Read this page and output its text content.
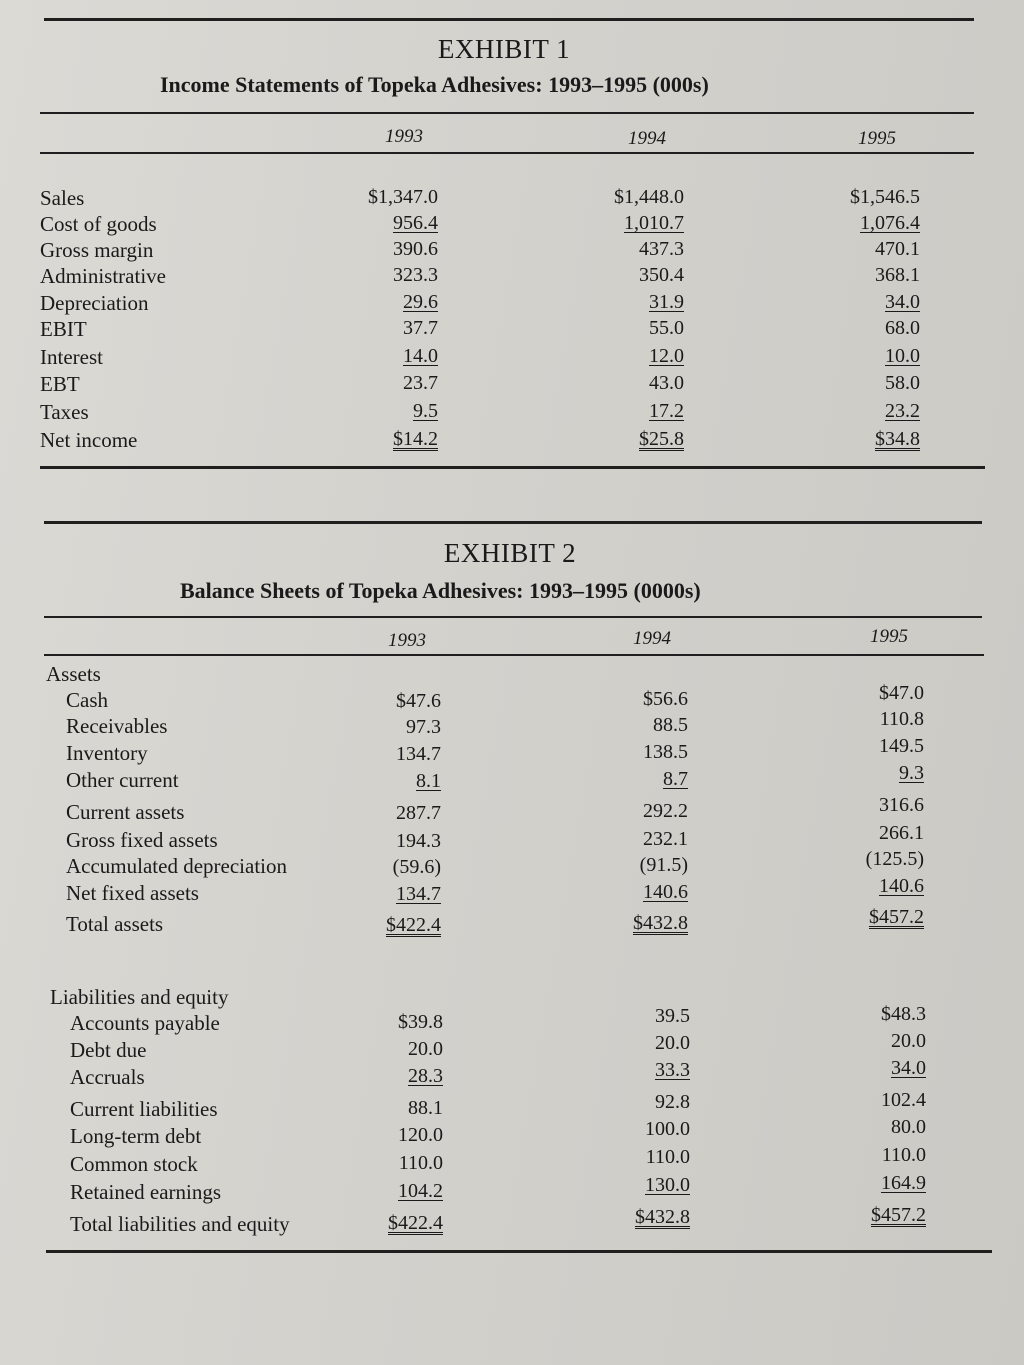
EXHIBIT 1
Income Statements of Topeka Adhesives: 1993–1995 (000s)
1993	1994	1995
Sales	$1,347.0	$1,448.0	$1,546.5
Cost of goods	956.4	1,010.7	1,076.4
Gross margin	390.6	437.3	470.1
Administrative	323.3	350.4	368.1
Depreciation	29.6	31.9	34.0
EBIT	37.7	55.0	68.0
Interest	14.0	12.0	10.0
EBT	23.7	43.0	58.0
Taxes	9.5	17.2	23.2
Net income	$14.2	$25.8	$34.8
EXHIBIT 2
Balance Sheets of Topeka Adhesives: 1993–1995 (0000s)
1993	1994	1995
Assets
Cash	$47.6	$56.6	$47.0
Receivables	97.3	88.5	110.8
Inventory	134.7	138.5	149.5
Other current	8.1	8.7	9.3
Current assets	287.7	292.2	316.6
Gross fixed assets	194.3	232.1	266.1
Accumulated depreciation	(59.6)	(91.5)	(125.5)
Net fixed assets	134.7	140.6	140.6
Total assets	$422.4	$432.8	$457.2
Liabilities and equity
Accounts payable	$39.8	39.5	$48.3
Debt due	20.0	20.0	20.0
Accruals	28.3	33.3	34.0
Current liabilities	88.1	92.8	102.4
Long-term debt	120.0	100.0	80.0
Common stock	110.0	110.0	110.0
Retained earnings	104.2	130.0	164.9
Total liabilities and equity	$422.4	$432.8	$457.2
